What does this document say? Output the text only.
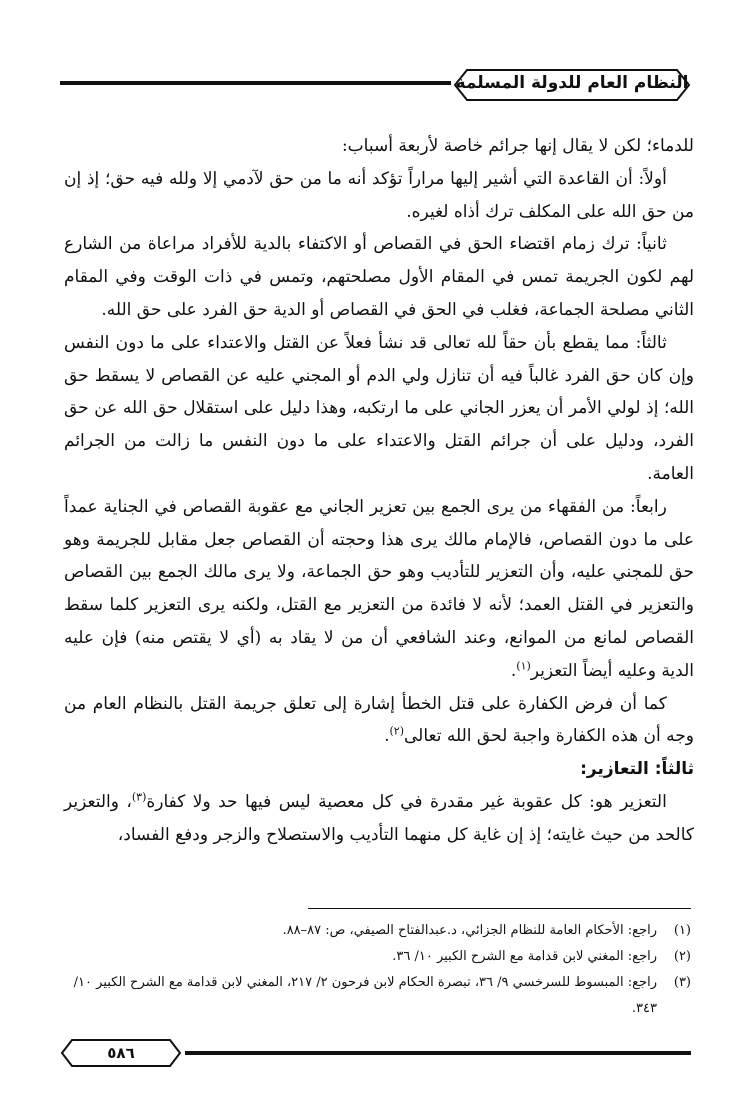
النظام العام للدولة المسلمة

للدماء؛ لكن لا يقال إنها جرائم خاصة لأربعة أسباب:

أولاً: أن القاعدة التي أشير إليها مراراً تؤكد أنه ما من حق لآدمي إلا ولله فيه حق؛ إذ إن من حق الله على المكلف ترك أذاه لغيره.

ثانياً: ترك زمام اقتضاء الحق في القصاص أو الاكتفاء بالدية للأفراد مراعاة من الشارع لهم لكون الجريمة تمس في المقام الأول مصلحتهم، وتمس في ذات الوقت وفي المقام الثاني مصلحة الجماعة، فغلب في الحق في القصاص أو الدية حق الفرد على حق الله.

ثالثاً: مما يقطع بأن حقاً لله تعالى قد نشأ فعلاً عن القتل والاعتداء على ما دون النفس وإن كان حق الفرد غالباً فيه أن تنازل ولي الدم أو المجني عليه عن القصاص لا يسقط حق الله؛ إذ لولي الأمر أن يعزر الجاني على ما ارتكبه، وهذا دليل على استقلال حق الله عن حق الفرد، ودليل على أن جرائم القتل والاعتداء على ما دون النفس ما زالت من الجرائم العامة.

رابعاً: من الفقهاء من يرى الجمع بين تعزير الجاني مع عقوبة القصاص في الجناية عمداً على ما دون القصاص، فالإمام مالك يرى هذا وحجته أن القصاص جعل مقابل للجريمة وهو حق للمجني عليه، وأن التعزير للتأديب وهو حق الجماعة، ولا يرى مالك الجمع بين القصاص والتعزير في القتل العمد؛ لأنه لا فائدة من التعزير مع القتل، ولكنه يرى التعزير كلما سقط القصاص لمانع من الموانع، وعند الشافعي أن من لا يقاد به (أي لا يقتص منه) فإن عليه الدية وعليه أيضاً التعزير$^{(١)}$.

كما أن فرض الكفارة على قتل الخطأ إشارة إلى تعلق جريمة القتل بالنظام العام من وجه أن هذه الكفارة واجبة لحق الله تعالى$^{(٢)}$.

ثالثاً: التعازير:

التعزير هو: كل عقوبة غير مقدرة في كل معصية ليس فيها حد ولا كفارة$^{(٣)}$، والتعزير كالحد من حيث غايته؛ إذ إن غاية كل منهما التأديب والاستصلاح والزجر ودفع الفساد،

(١)
راجع: الأحكام العامة للنظام الجزائي، د.عبدالفتاح الصيفي، ص: ٨٧–٨٨.
(٢)
راجع: المغني لابن قدامة مع الشرح الكبير ١٠/ ٣٦.
(٣)
راجع: المبسوط للسرخسي ٩/ ٣٦، تبصرة الحكام لابن فرحون ٢/ ٢١٧، المغني لابن قدامة مع الشرح الكبير ١٠/ ٣٤٣.
٥٨٦
